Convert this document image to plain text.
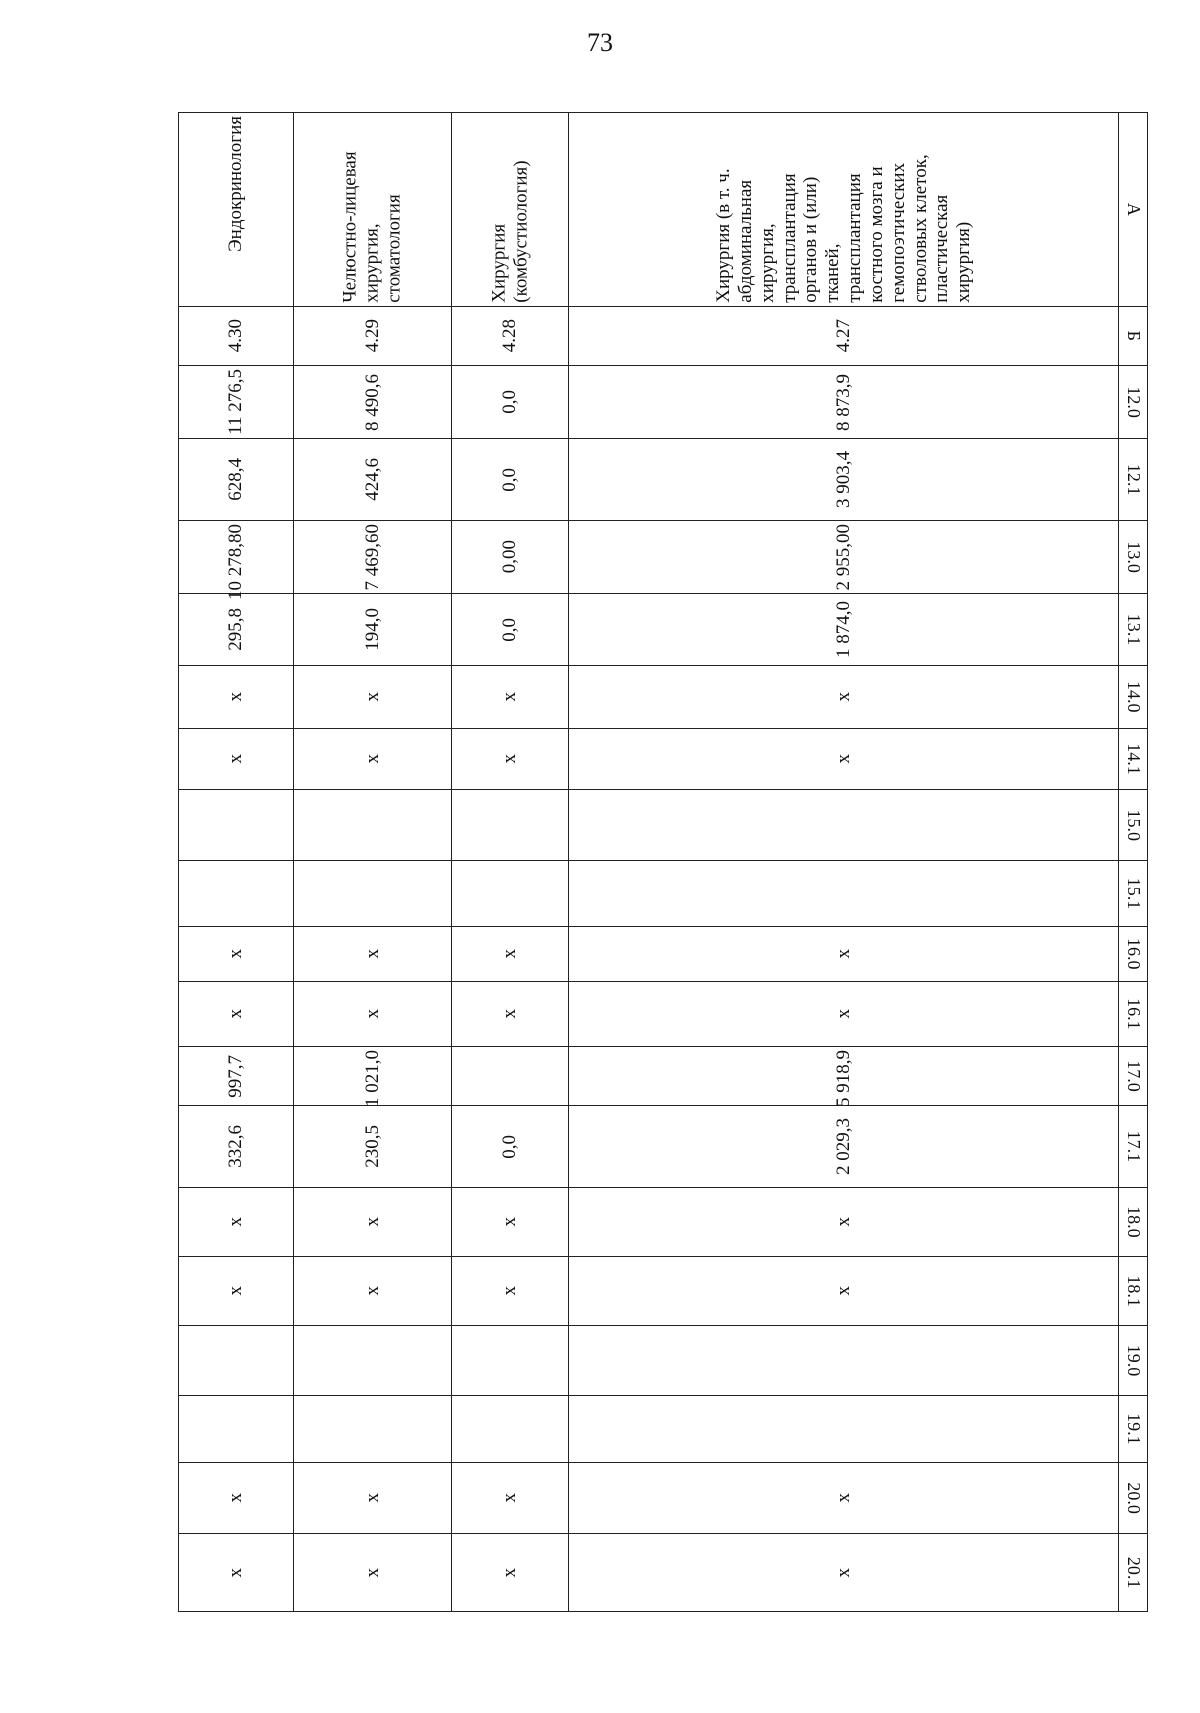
73
А	Б	12.0	12.1	13.0	13.1	14.0	14.1	15.0	15.1	16.0	16.1	17.0	17.1	18.0	18.1	19.0	19.1	20.0	20.1
Хирургия (в т. ч. абдоминальная хирургия, трансплантация органов и (или) тканей, трансплантация костного мозга и гемопоэтических стволовых клеток, пластическая хирургия)	4.27	8 873,9	3 903,4	2 955,00	1 874,0	x	x			x	x	5 918,9	2 029,3	x	x			x	x
Хирургия (комбустиология)	4.28	0,0	0,0	0,00	0,0	x	x			x	x		0,0	x	x			x	x
Челюстно-лицевая хирургия, стоматология	4.29	8 490,6	424,6	7 469,60	194,0	x	x			x	x	1 021,0	230,5	x	x			x	x
Эндокринология	4.30	11 276,5	628,4	10 278,80	295,8	x	x			x	x	997,7	332,6	x	x			x	x
